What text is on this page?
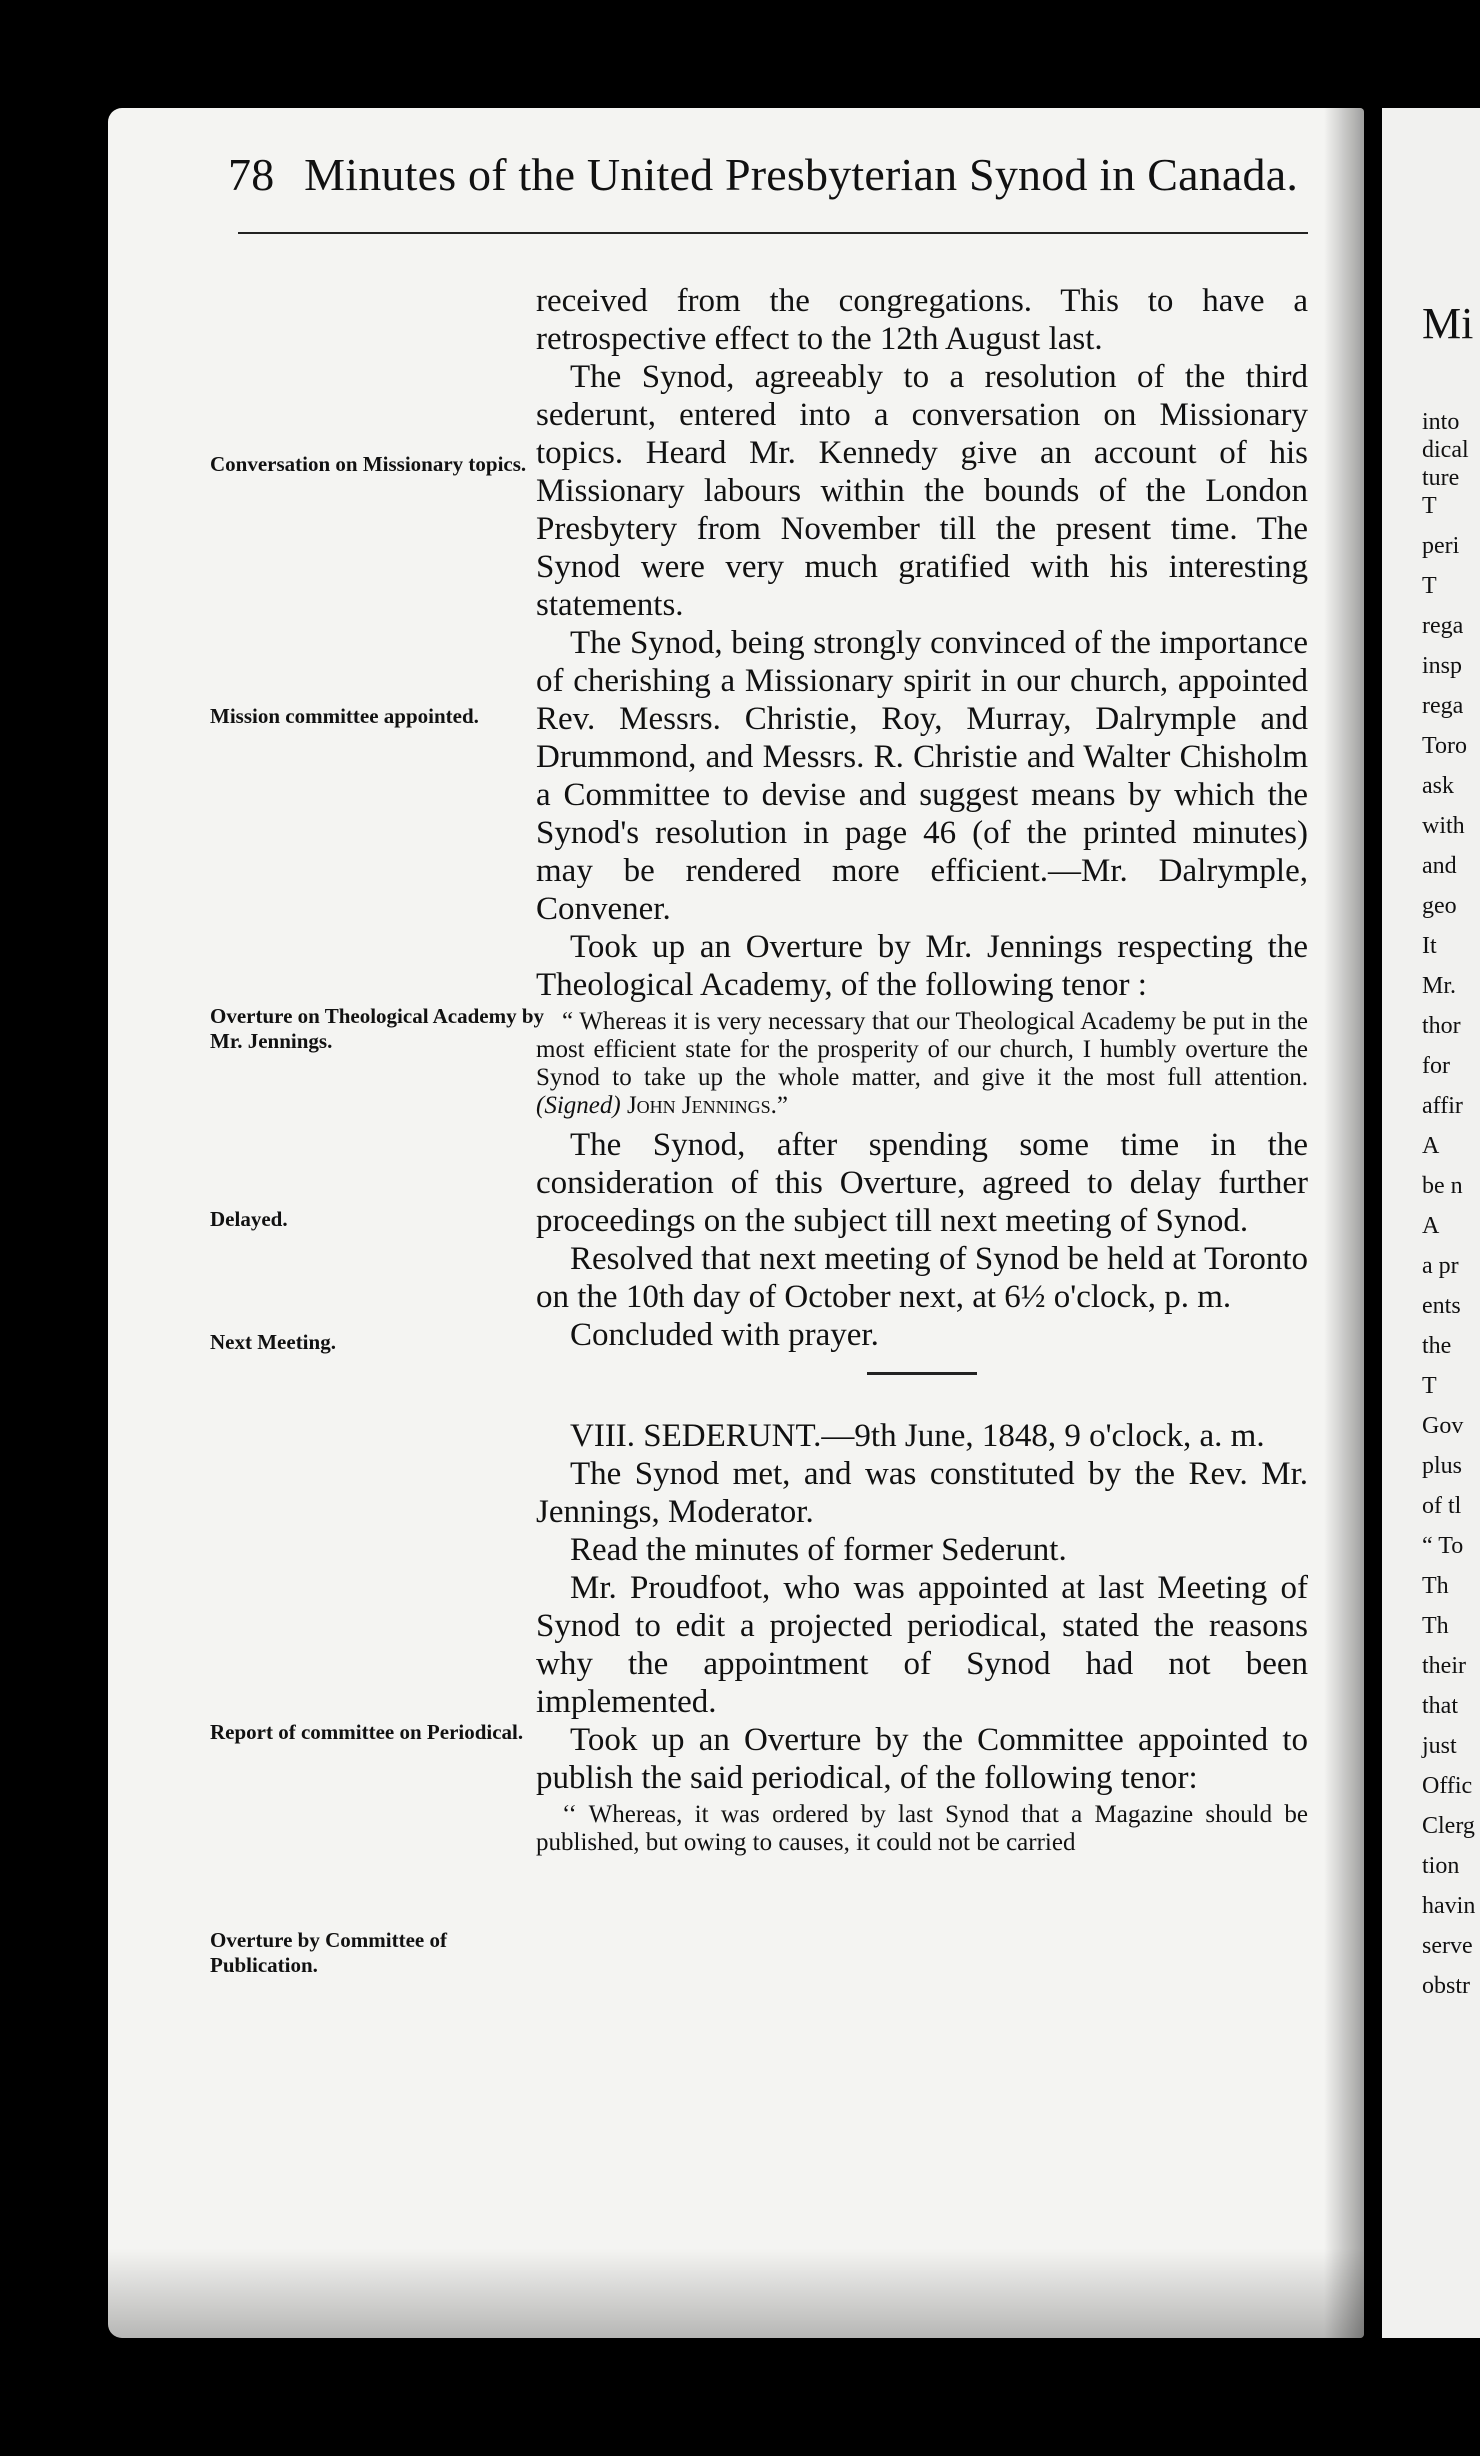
78 Minutes of the United Presbyterian Synod in Canada.
Conversation on Missionary topics.
Mission committee appointed.
Overture on Theological Academy by Mr. Jennings.
Delayed.
Next Meeting.
Report of committee on Periodical.
Overture by Committee of Publication.

received from the congregations. This to have a retrospective effect to the 12th August last.

The Synod, agreeably to a resolution of the third sederunt, entered into a conversation on Missionary topics. Heard Mr. Kennedy give an account of his Missionary labours within the bounds of the London Presbytery from November till the present time. The Synod were very much gratified with his interesting statements.

The Synod, being strongly convinced of the importance of cherishing a Missionary spirit in our church, appointed Rev. Messrs. Christie, Roy, Murray, Dalrymple and Drummond, and Messrs. R. Christie and Walter Chisholm a Committee to devise and suggest means by which the Synod's resolution in page 46 (of the printed minutes) may be rendered more efficient.—Mr. Dalrymple, Convener.

Took up an Overture by Mr. Jennings respecting the Theological Academy, of the following tenor :

“ Whereas it is very necessary that our Theological Academy be put in the most efficient state for the prosperity of our church, I humbly overture the Synod to take up the whole matter, and give it the most full attention. (Signed) John Jennings.”

The Synod, after spending some time in the consideration of this Overture, agreed to delay further proceedings on the subject till next meeting of Synod.

Resolved that next meeting of Synod be held at Toronto on the 10th day of October next, at 6½ o'clock, p. m.

Concluded with prayer.

VIII. SEDERUNT.—9th June, 1848, 9 o'clock, a. m.

The Synod met, and was constituted by the Rev. Mr. Jennings, Moderator.

Read the minutes of former Sederunt.

Mr. Proudfoot, who was appointed at last Meeting of Synod to edit a projected periodical, stated the reasons why the appointment of Synod had not been implemented.

Took up an Overture by the Committee appointed to publish the said periodical, of the following tenor:

‘‘ Whereas, it was ordered by last Synod that a Magazine should be published, but owing to causes, it could not be carried

Mi
into
dical
ture
T
peri
T
rega
insp
rega
Toro
ask
with
and
geo
It
Mr.
thor
for
affir
A
be n
A
a pr
ents
the
T
Gov
plus
of tl
“ To
Th
Th
their
that
just
Offic
Clerg
tion
havin
serve
obstr
